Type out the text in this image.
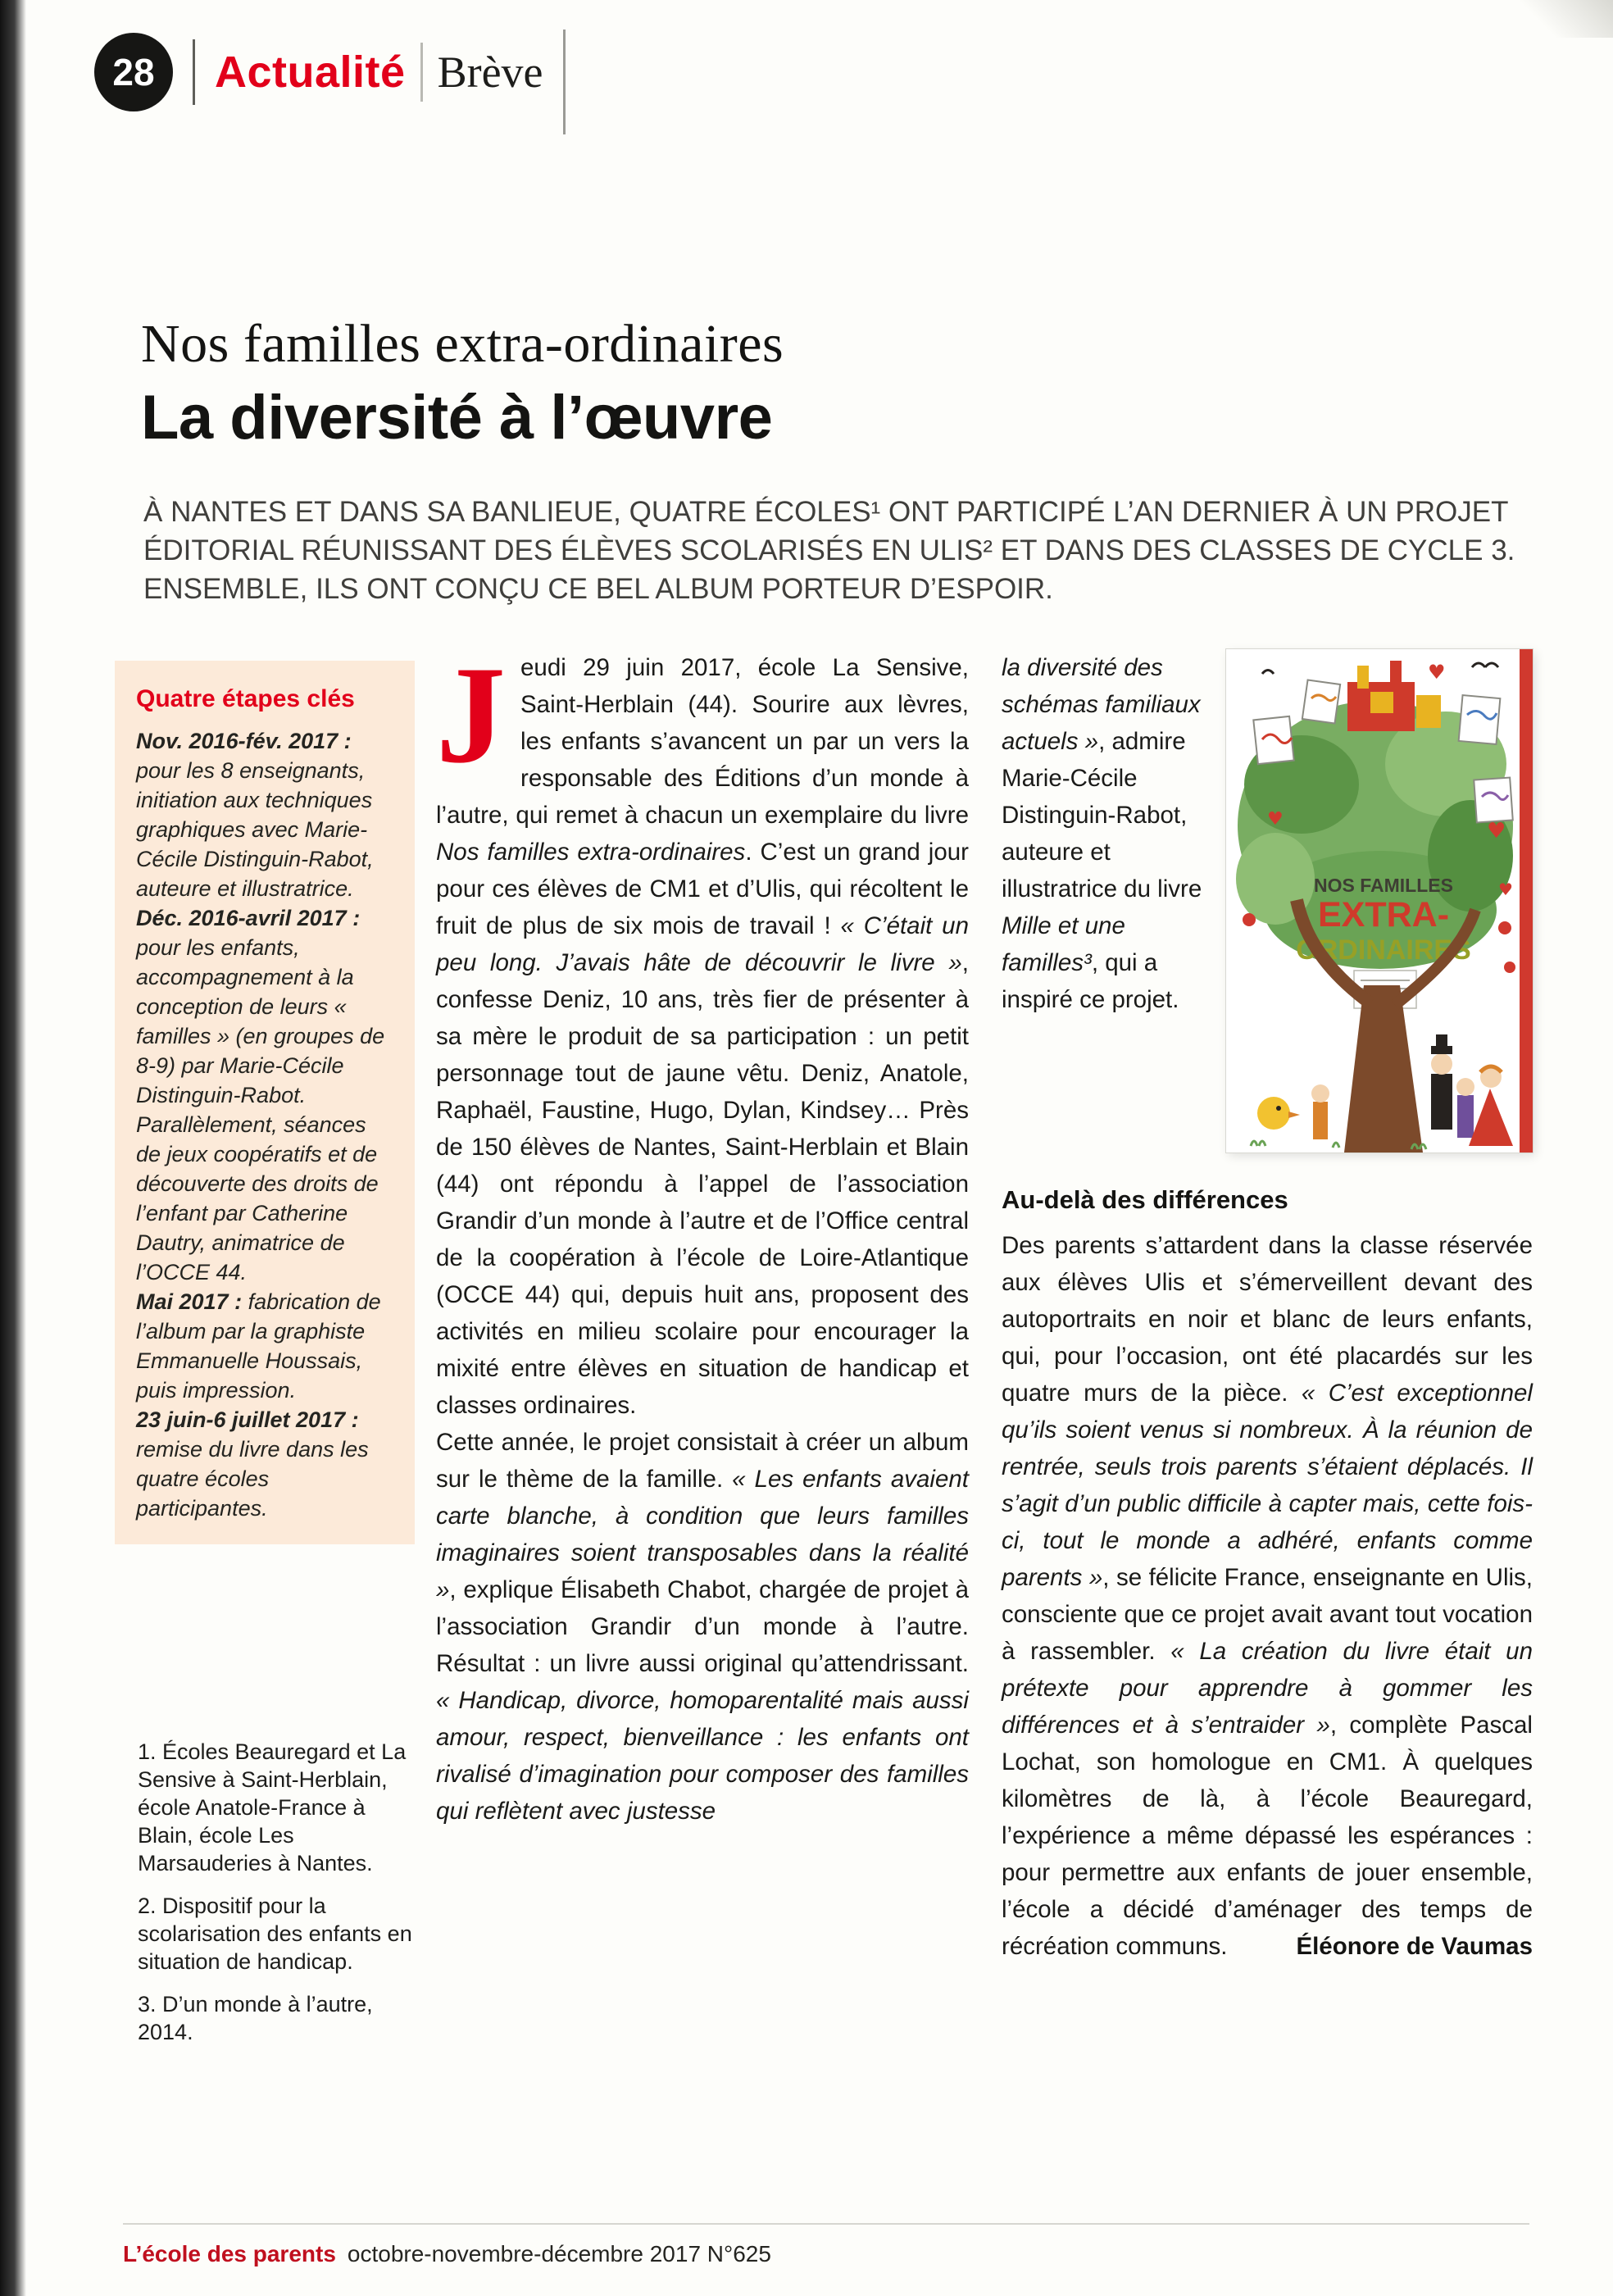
28 Actualité Brève
Nos familles extra-ordinaires
La diversité à l’œuvre

À NANTES ET DANS SA BANLIEUE, QUATRE ÉCOLES¹ ONT PARTICIPÉ L’AN DERNIER À UN PROJET ÉDITORIAL RÉUNISSANT DES ÉLÈVES SCOLARISÉS EN ULIS² ET DANS DES CLASSES DE CYCLE 3. ENSEMBLE, ILS ONT CONÇU CE BEL ALBUM PORTEUR D’ESPOIR.

Quatre étapes clés

Nov. 2016-fév. 2017 : pour les 8 enseignants, initiation aux techniques graphiques avec Marie-Cécile Distinguin-Rabot, auteure et illustratrice.

Déc. 2016-avril 2017 : pour les enfants, accompagnement à la conception de leurs « familles » (en groupes de 8-9) par Marie-Cécile Distinguin-Rabot. Parallèlement, séances de jeux coopératifs et de découverte des droits de l’enfant par Catherine Dautry, animatrice de l’OCCE 44.

Mai 2017 : fabrication de l’album par la graphiste Emmanuelle Houssais, puis impression.

23 juin-6 juillet 2017 : remise du livre dans les quatre écoles participantes.

1. Écoles Beauregard et La Sensive à Saint-Herblain, école Anatole-France à Blain, école Les Marsauderies à Nantes.

2. Dispositif pour la scolarisation des enfants en situation de handicap.

3. D’un monde à l’autre, 2014.

Jeudi 29 juin 2017, école La Sensive, Saint-Herblain (44). Sourire aux lèvres, les enfants s’avancent un par un vers la responsable des Éditions d’un monde à l’autre, qui remet à chacun un exemplaire du livre Nos familles extra-ordinaires. C’est un grand jour pour ces élèves de CM1 et d’Ulis, qui récoltent le fruit de plus de six mois de travail ! « C’était un peu long. J’avais hâte de découvrir le livre », confesse Deniz, 10 ans, très fier de présenter à sa mère le produit de sa participation : un petit personnage tout de jaune vêtu. Deniz, Anatole, Raphaël, Faustine, Hugo, Dylan, Kindsey… Près de 150 élèves de Nantes, Saint-Herblain et Blain (44) ont répondu à l’appel de l’association Grandir d’un monde à l’autre et de l’Office central de la coopération à l’école de Loire-Atlantique (OCCE 44) qui, depuis huit ans, proposent des activités en milieu scolaire pour encourager la mixité entre élèves en situation de handicap et classes ordinaires.

Cette année, le projet consistait à créer un album sur le thème de la famille. « Les enfants avaient carte blanche, à condition que leurs familles imaginaires soient transposables dans la réalité », explique Élisabeth Chabot, chargée de projet à l’association Grandir d’un monde à l’autre. Résultat : un livre aussi original qu’attendrissant. « Handicap, divorce, homoparentalité mais aussi amour, respect, bienveillance : les enfants ont rivalisé d’imagination pour composer des familles qui reflètent avec justesse

la diversité des schémas familiaux actuels », admire Marie-Cécile Distinguin-Rabot, auteure et illustratrice du livre Mille et une familles³, qui a inspiré ce projet.

♥
♥
♥
♥
NOS FAMILLES
EXTRA-
ORDINAIRES
Au-delà des différences

Des parents s’attardent dans la classe réservée aux élèves Ulis et s’émerveillent devant des autoportraits en noir et blanc de leurs enfants, qui, pour l’occasion, ont été placardés sur les quatre murs de la pièce. « C’est exceptionnel qu’ils soient venus si nombreux. À la réunion de rentrée, seuls trois parents s’étaient déplacés. Il s’agit d’un public difficile à capter mais, cette fois-ci, tout le monde a adhéré, enfants comme parents », se félicite France, enseignante en Ulis, consciente que ce projet avait avant tout vocation à rassembler. « La création du livre était un prétexte pour apprendre à gommer les différences et à s’entraider », complète Pascal Lochat, son homologue en CM1. À quelques kilomètres de là, à l’école Beauregard, l’expérience a même dépassé les espérances : pour permettre aux enfants de jouer ensemble, l’école a décidé d’aménager des temps de récréation communs.	Éléonore de Vaumas

L’école des parents octobre-novembre-décembre 2017 N°625
